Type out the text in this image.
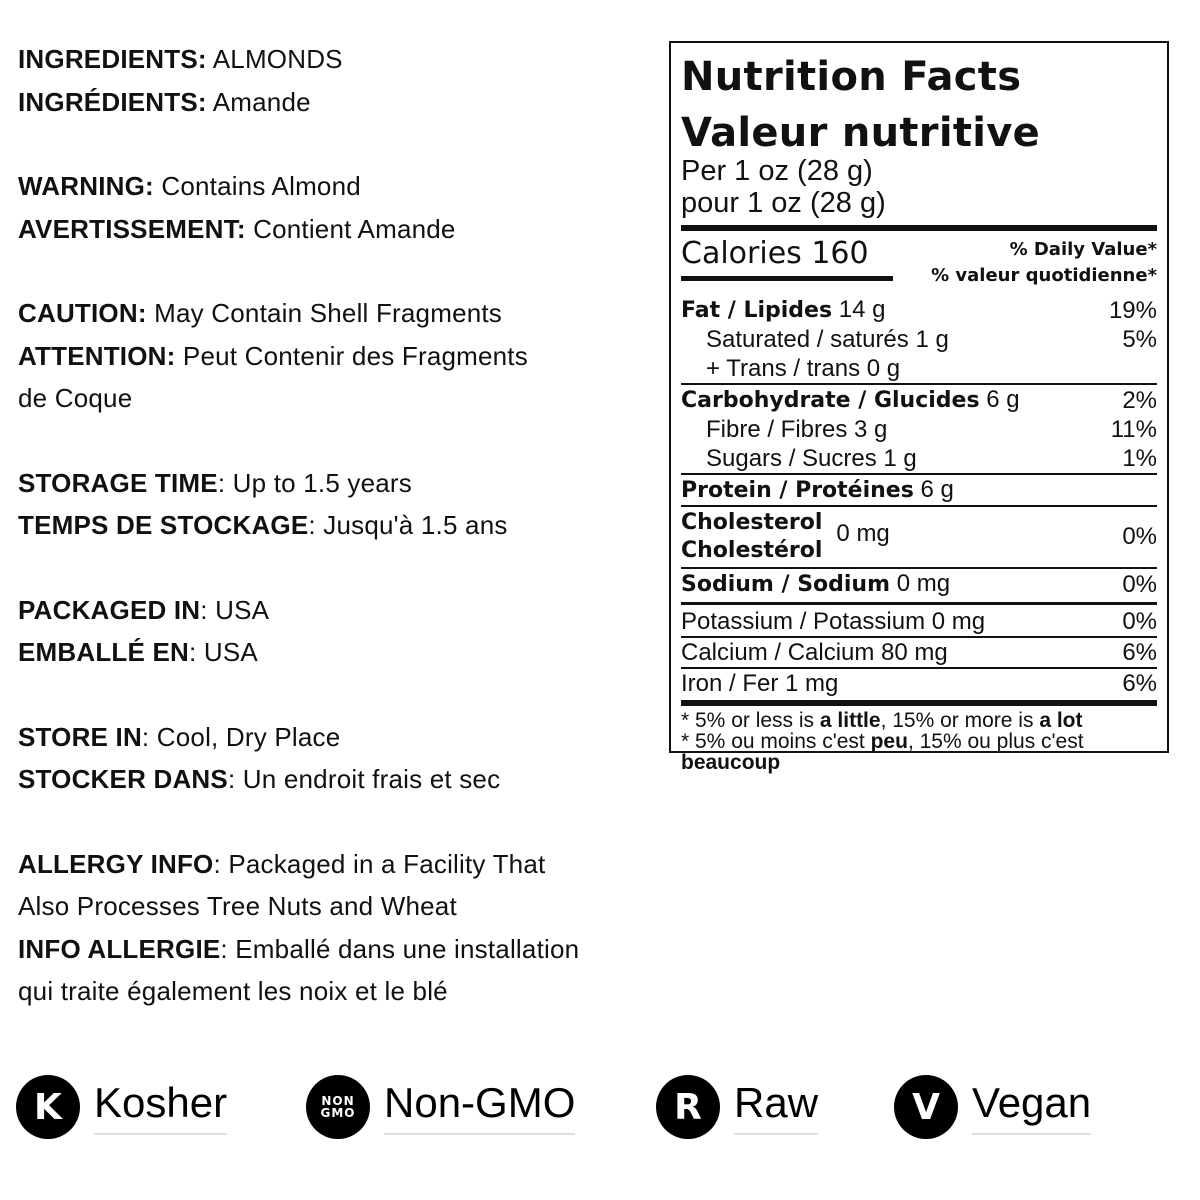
INGREDIENTS: ALMONDS
INGRÉDIENTS: Amande
WARNING: Contains Almond
AVERTISSEMENT: Contient Amande
CAUTION: May Contain Shell Fragments
ATTENTION: Peut Contenir des Fragments
de Coque
STORAGE TIME: Up to 1.5 years
TEMPS DE STOCKAGE: Jusqu'à 1.5 ans
PACKAGED IN: USA
EMBALLÉ EN: USA
STORE IN: Cool, Dry Place
STOCKER DANS: Un endroit frais et sec
ALLERGY INFO: Packaged in a Facility That
Also Processes Tree Nuts and Wheat
INFO ALLERGIE: Emballé dans une installation
qui traite également les noix et le blé
Nutrition Facts
Valeur nutritive
Per 1 oz (28 g)
pour 1 oz (28 g)
Calories 160	% Daily Value*
% valeur quotidienne*
Fat / Lipides 14 g	19%
Saturated / saturés 1 g	5%
+ Trans / trans 0 g
Carbohydrate / Glucides 6 g	2%
Fibre / Fibres 3 g	11%
Sugars / Sucres 1 g	1%
Protein / Protéines 6 g
Cholesterol
Cholestérol
0 mg	0%
Sodium / Sodium 0 mg	0%
Potassium / Potassium 0 mg	0%
Calcium / Calcium 80 mg	6%
Iron / Fer 1 mg	6%
* 5% or less is a little, 15% or more is a lot
* 5% ou moins c'est peu, 15% ou plus c'est
beaucoup
K Kosher	NON
GMO Non-GMO	R Raw	V Vegan
